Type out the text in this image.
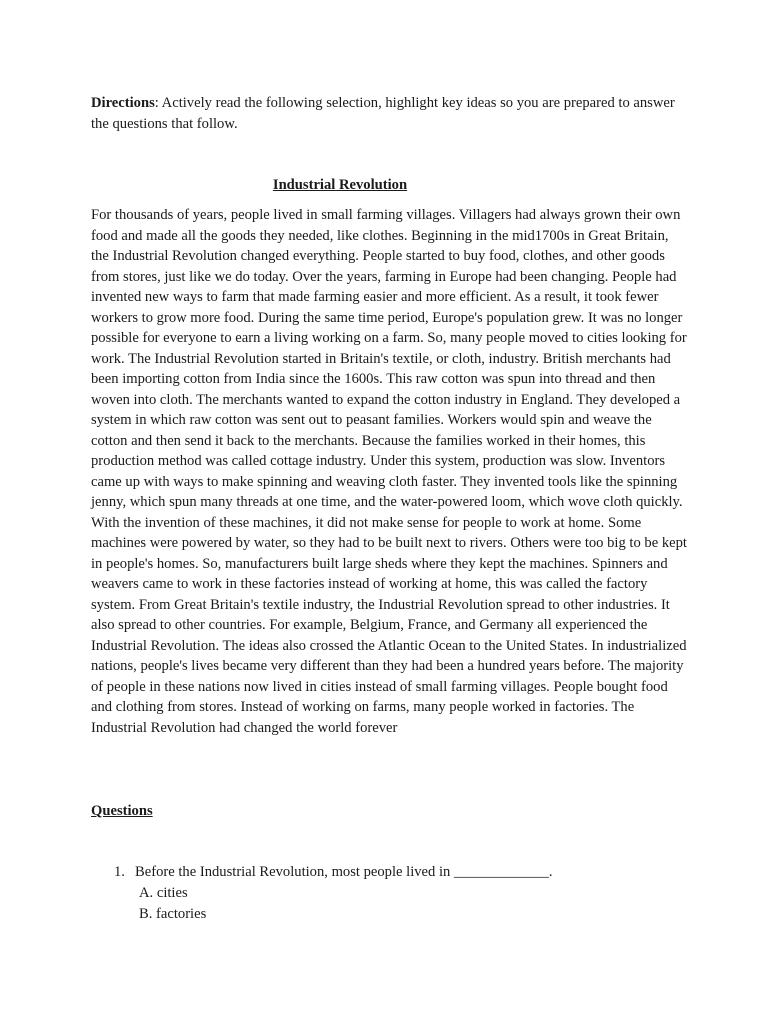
Directions: Actively read the following selection, highlight key ideas so you are prepared to answer the questions that follow.
Industrial Revolution

For thousands of years, people lived in small farming villages. Villagers had always grown their own food and made all the goods they needed, like clothes. Beginning in the mid1700s in Great Britain, the Industrial Revolution changed everything. People started to buy food, clothes, and other goods from stores, just like we do today. Over the years, farming in Europe had been changing. People had invented new ways to farm that made farming easier and more efficient. As a result, it took fewer workers to grow more food. During the same time period, Europe's population grew. It was no longer possible for everyone to earn a living working on a farm. So, many people moved to cities looking for work. The Industrial Revolution started in Britain's textile, or cloth, industry. British merchants had been importing cotton from India since the 1600s. This raw cotton was spun into thread and then woven into cloth. The merchants wanted to expand the cotton industry in England. They developed a system in which raw cotton was sent out to peasant families. Workers would spin and weave the cotton and then send it back to the merchants. Because the families worked in their homes, this production method was called cottage industry. Under this system, production was slow. Inventors came up with ways to make spinning and weaving cloth faster. They invented tools like the spinning jenny, which spun many threads at one time, and the water-powered loom, which wove cloth quickly. With the invention of these machines, it did not make sense for people to work at home. Some machines were powered by water, so they had to be built next to rivers. Others were too big to be kept in people's homes. So, manufacturers built large sheds where they kept the machines. Spinners and weavers came to work in these factories instead of working at home, this was called the factory system. From Great Britain's textile industry, the Industrial Revolution spread to other industries. It also spread to other countries. For example, Belgium, France, and Germany all experienced the Industrial Revolution. The ideas also crossed the Atlantic Ocean to the United States. In industrialized nations, people's lives became very different than they had been a hundred years before. The majority of people in these nations now lived in cities instead of small farming villages. People bought food and clothing from stores. Instead of working on farms, many people worked in factories. The Industrial Revolution had changed the world forever

Questions
1. Before the Industrial Revolution, most people lived in _____________.
A. cities
B. factories
